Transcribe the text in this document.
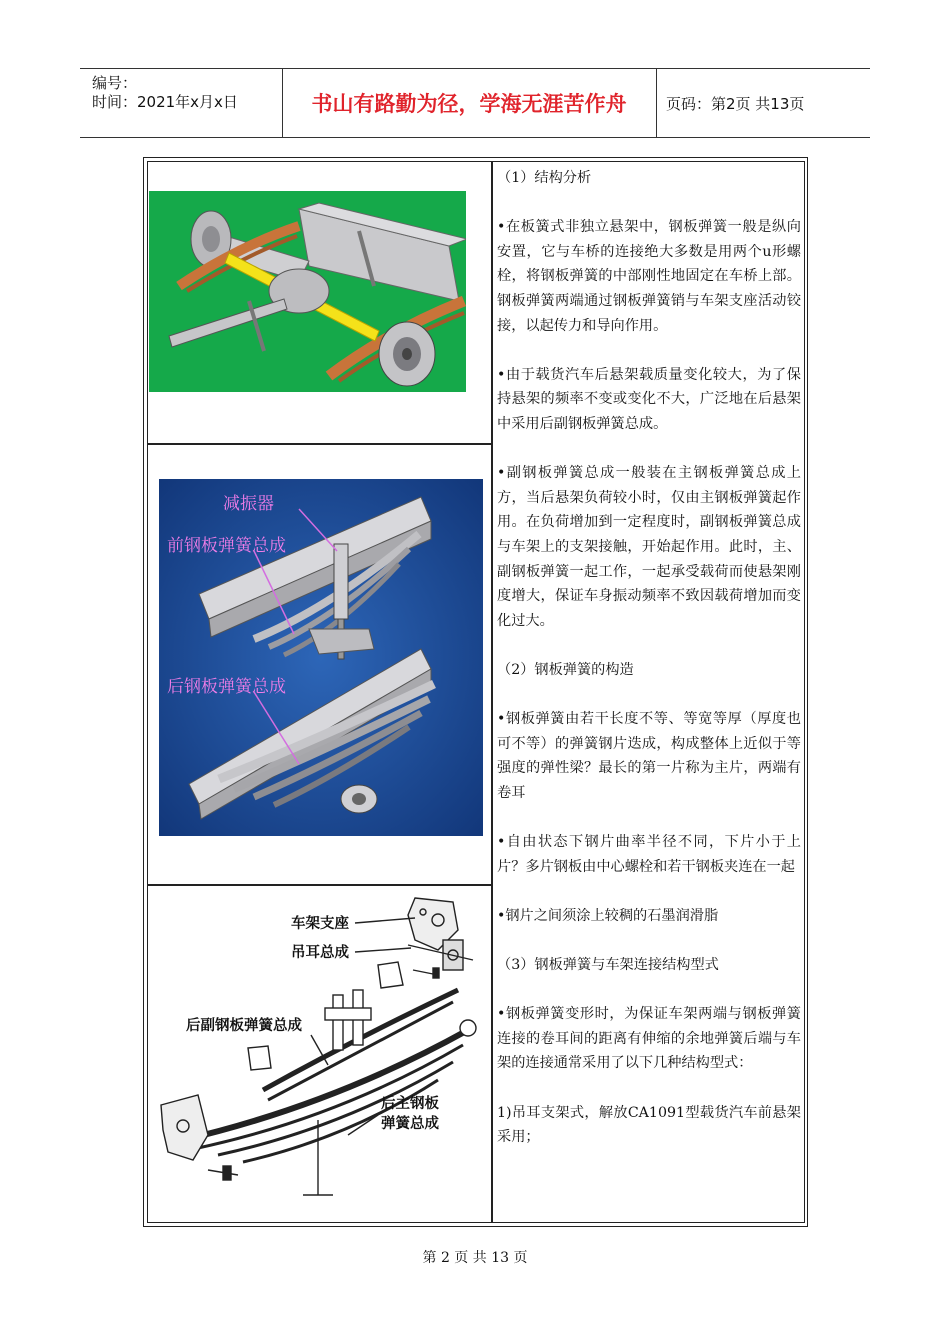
编号：
时间：2021年x月x日	书山有路勤为径，学海无涯苦作舟	页码：第2页 共13页
减振器
前钢板弹簧总成
后钢板弹簧总成
车架支座
吊耳总成
后副钢板弹簧总成
后主钢板
弹簧总成

（1）结构分析

•在板簧式非独立悬架中，钢板弹簧一般是纵向安置，它与车桥的连接绝大多数是用两个u形螺栓，将钢板弹簧的中部刚性地固定在车桥上部。钢板弹簧两端通过钢板弹簧销与车架支座活动铰接，以起传力和导向作用。

•由于载货汽车后悬架载质量变化较大，为了保持悬架的频率不变或变化不大，广泛地在后悬架中采用后副钢板弹簧总成。

•副钢板弹簧总成一般装在主钢板弹簧总成上方，当后悬架负荷较小时，仅由主钢板弹簧起作用。在负荷增加到一定程度时，副钢板弹簧总成与车架上的支架接触，开始起作用。此时，主、副钢板弹簧一起工作，一起承受载荷而使悬架刚度增大，保证车身振动频率不致因载荷增加而变化过大。

（2）钢板弹簧的构造

•钢板弹簧由若干长度不等、等宽等厚（厚度也可不等）的弹簧钢片迭成，构成整体上近似于等强度的弹性梁？最长的第一片称为主片，两端有卷耳

•自由状态下钢片曲率半径不同，下片小于上片？多片钢板由中心螺栓和若干钢板夹连在一起

•钢片之间须涂上较稠的石墨润滑脂

（3）钢板弹簧与车架连接结构型式

•钢板弹簧变形时，为保证车架两端与钢板弹簧连接的卷耳间的距离有伸缩的余地弹簧后端与车架的连接通常采用了以下几种结构型式：

1)吊耳支架式，解放CA1091型载货汽车前悬架采用；

第 2 页 共 13 页
